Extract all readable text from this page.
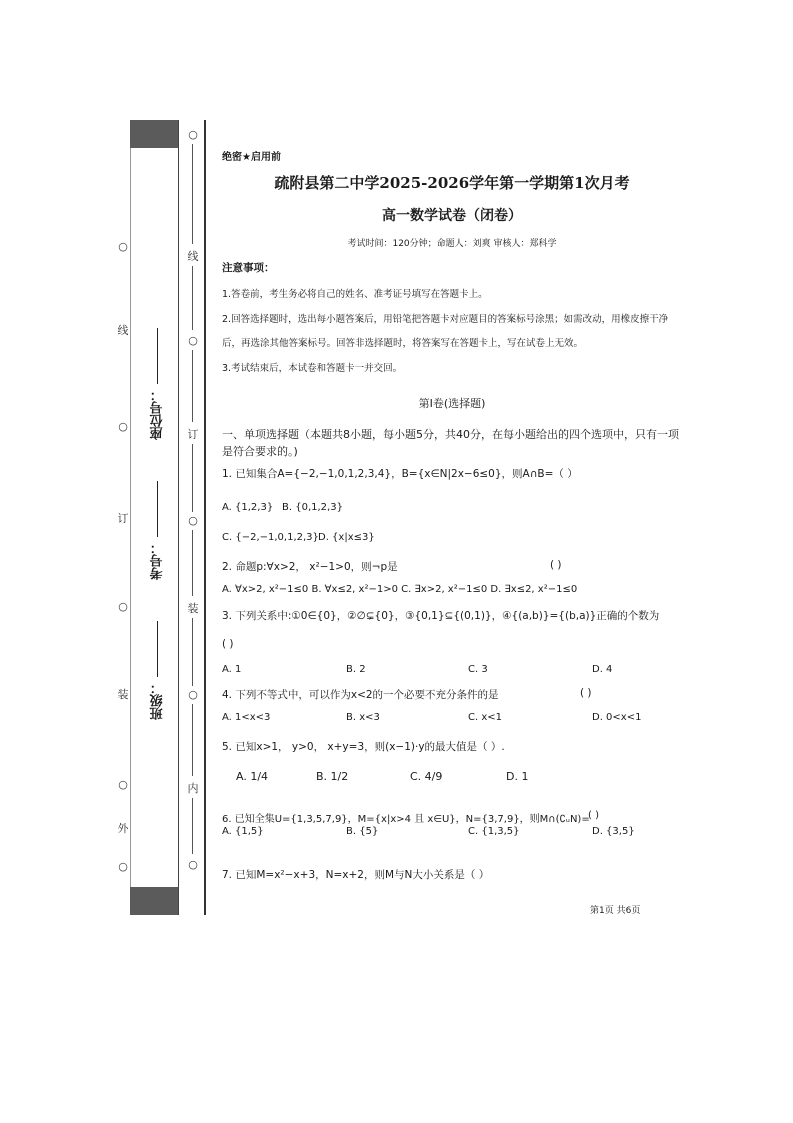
座位号：
考号：
班级：
○
线
○
订
○
装
○
内
○
○
线
○
订
○
装
○
外
○
绝密★启用前
疏附县第二中学2025-2026学年第一学期第1次月考
高一数学试卷（闭卷）
考试时间：120分钟；命题人：刘爽 审核人：郑科学
注意事项：
1.答卷前，考生务必将自己的姓名、准考证号填写在答题卡上。
2.回答选择题时，选出每小题答案后，用铅笔把答题卡对应题目的答案标号涂黑；如需改动，用橡皮擦干净
后，再选涂其他答案标号。回答非选择题时，将答案写在答题卡上，写在试卷上无效。
3.考试结束后，本试卷和答题卡一并交回。
第Ⅰ卷(选择题)
一、单项选择题（本题共8小题，每小题5分，共40分，在每小题给出的四个选项中，只有一项
是符合要求的。)
1. 已知集合A={−2,−1,0,1,2,3,4}，B={x∈N|2x−6≤0}，则A∩B=（ ）
A. {1,2,3} B. {0,1,2,3}
C. {−2,−1,0,1,2,3} D. {x|x≤3}
2. 命题p:∀x>2， x²−1>0，则¬p是	( )
A. ∀x>2, x²−1≤0 B. ∀x≤2, x²−1>0 C. ∃x>2, x²−1≤0 D. ∃x≤2, x²−1≤0
3. 下列关系中:①0∈{0}，②∅⊊{0}，③{0,1}⊆{(0,1)}，④{(a,b)}={(b,a)}正确的个数为
( )
A. 1	B. 2	C. 3	D. 4
4. 下列不等式中，可以作为x<2的一个必要不充分条件的是	( )
A. 1<x<3	B. x<3	C. x<1	D. 0<x<1
5. 已知x>1， y>0， x+y=3，则(x−1)·y的最大值是（ ）.
A. 1/4	B. 1/2	C. 4/9	D. 1
6. 已知全集U={1,3,5,7,9}，M={x|x>4 且 x∈U}，N={3,7,9}，则M∩(∁ᵤN)=
( )
A. {1,5}	B. {5}	C. {1,3,5}	D. {3,5}
7. 已知M=x²−x+3，N=x+2，则M与N大小关系是（ ）
第1页 共6页
